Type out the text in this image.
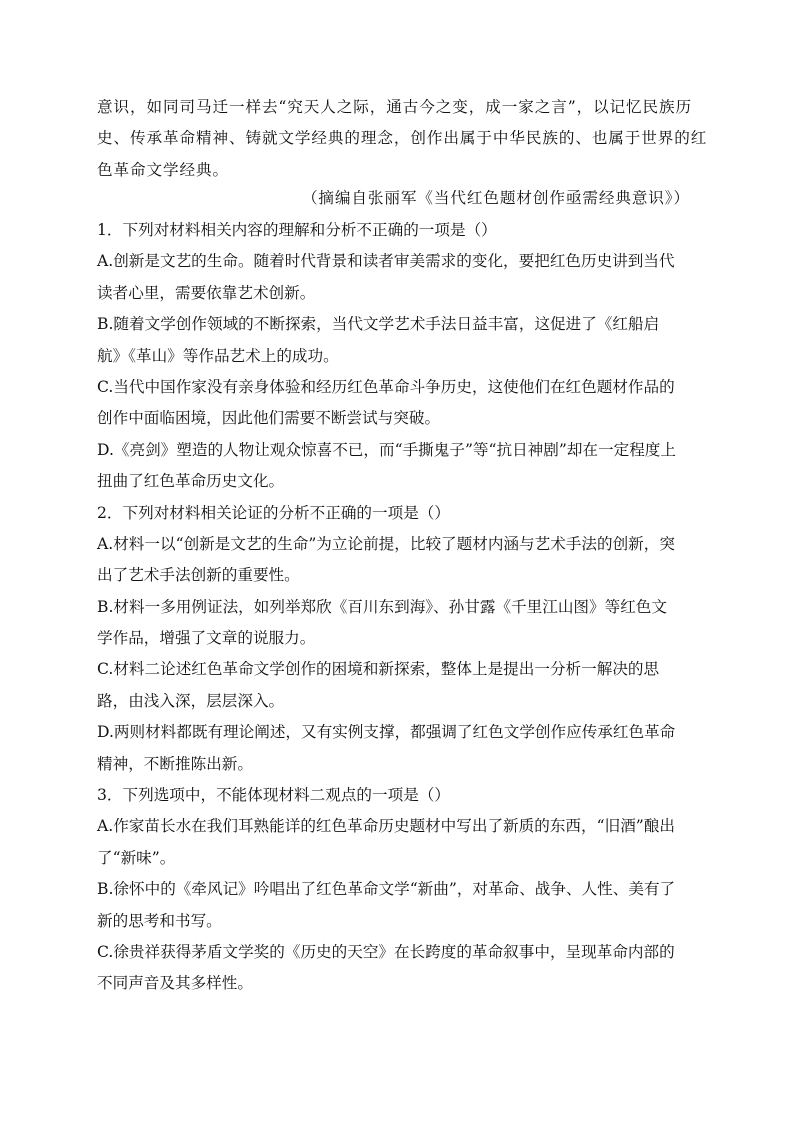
意识，如同司马迁一样去“究天人之际，通古今之变，成一家之言”，以记忆民族历
史、传承革命精神、铸就文学经典的理念，创作出属于中华民族的、也属于世界的红
色革命文学经典。
（摘编自张丽军《当代红色题材创作亟需经典意识》）
1．下列对材料相关内容的理解和分析不正确的一项是（）
A.创新是文艺的生命。随着时代背景和读者审美需求的变化，要把红色历史讲到当代
读者心里，需要依靠艺术创新。
B.随着文学创作领域的不断探索，当代文学艺术手法日益丰富，这促进了《红船启
航》《革山》等作品艺术上的成功。
C.当代中国作家没有亲身体验和经历红色革命斗争历史，这使他们在红色题材作品的
创作中面临困境，因此他们需要不断尝试与突破。
D.《亮剑》塑造的人物让观众惊喜不已，而“手撕鬼子”等“抗日神剧”却在一定程度上
扭曲了红色革命历史文化。
2．下列对材料相关论证的分析不正确的一项是（）
A.材料一以“创新是文艺的生命”为立论前提，比较了题材内涵与艺术手法的创新，突
出了艺术手法创新的重要性。
B.材料一多用例证法，如列举郑欣《百川东到海》、孙甘露《千里江山图》等红色文
学作品，增强了文章的说服力。
C.材料二论述红色革命文学创作的困境和新探索，整体上是提出一分析一解决的思
路，由浅入深，层层深入。
D.两则材料都既有理论阐述，又有实例支撑，都强调了红色文学创作应传承红色革命
精神，不断推陈出新。
3．下列选项中，不能体现材料二观点的一项是（）
A.作家苗长水在我们耳熟能详的红色革命历史题材中写出了新质的东西，“旧酒”酿出
了“新味”。
B.徐怀中的《牵风记》吟唱出了红色革命文学“新曲”，对革命、战争、人性、美有了
新的思考和书写。
C.徐贵祥获得茅盾文学奖的《历史的天空》在长跨度的革命叙事中，呈现革命内部的
不同声音及其多样性。
